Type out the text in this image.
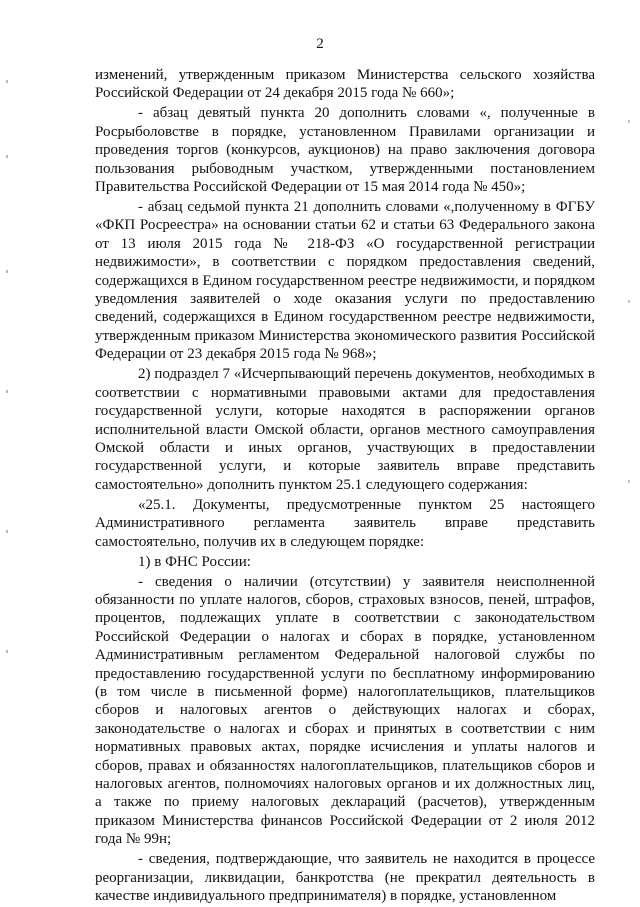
2

изменений, утвержденным приказом Министерства сельского хозяйства Российской Федерации от 24 декабря 2015 года № 660»;

- абзац девятый пункта 20 дополнить словами «, полученные в Росрыболовстве в порядке, установленном Правилами организации и проведения торгов (конкурсов, аукционов) на право заключения договора пользования рыбоводным участком, утвержденными постановлением Правительства Российской Федерации от 15 мая 2014 года № 450»;

- абзац седьмой пункта 21 дополнить словами «,полученному в ФГБУ «ФКП Росреестра» на основании статьи 62 и статьи 63 Федерального закона от 13 июля 2015 года № 218-ФЗ «О государственной регистрации недвижимости», в соответствии с порядком предоставления сведений, содержащихся в Едином государственном реестре недвижимости, и порядком уведомления заявителей о ходе оказания услуги по предоставлению сведений, содержащихся в Едином государственном реестре недвижимости, утвержденным приказом Министерства экономического развития Российской Федерации от 23 декабря 2015 года № 968»;

2) подраздел 7 «Исчерпывающий перечень документов, необходимых в соответствии с нормативными правовыми актами для предоставления государственной услуги, которые находятся в распоряжении органов исполнительной власти Омской области, органов местного самоуправления Омской области и иных органов, участвующих в предоставлении государственной услуги, и которые заявитель вправе представить самостоятельно» дополнить пунктом 25.1 следующего содержания:

«25.1. Документы, предусмотренные пунктом 25 настоящего Административного регламента заявитель вправе представить самостоятельно, получив их в следующем порядке:

1) в ФНС России:

- сведения о наличии (отсутствии) у заявителя неисполненной обязанности по уплате налогов, сборов, страховых взносов, пеней, штрафов, процентов, подлежащих уплате в соответствии с законодательством Российской Федерации о налогах и сборах в порядке, установленном Административным регламентом Федеральной налоговой службы по предоставлению государственной услуги по бесплатному информированию (в том числе в письменной форме) налогоплательщиков, плательщиков сборов и налоговых агентов о действующих налогах и сборах, законодательстве о налогах и сборах и принятых в соответствии с ним нормативных правовых актах, порядке исчисления и уплаты налогов и сборов, правах и обязанностях налогоплательщиков, плательщиков сборов и налоговых агентов, полномочиях налоговых органов и их должностных лиц, а также по приему налоговых деклараций (расчетов), утвержденным приказом Министерства финансов Российской Федерации от 2 июля 2012 года № 99н;

- сведения, подтверждающие, что заявитель не находится в процессе реорганизации, ликвидации, банкротства (не прекратил деятельность в качестве индивидуального предпринимателя) в порядке, установленном
